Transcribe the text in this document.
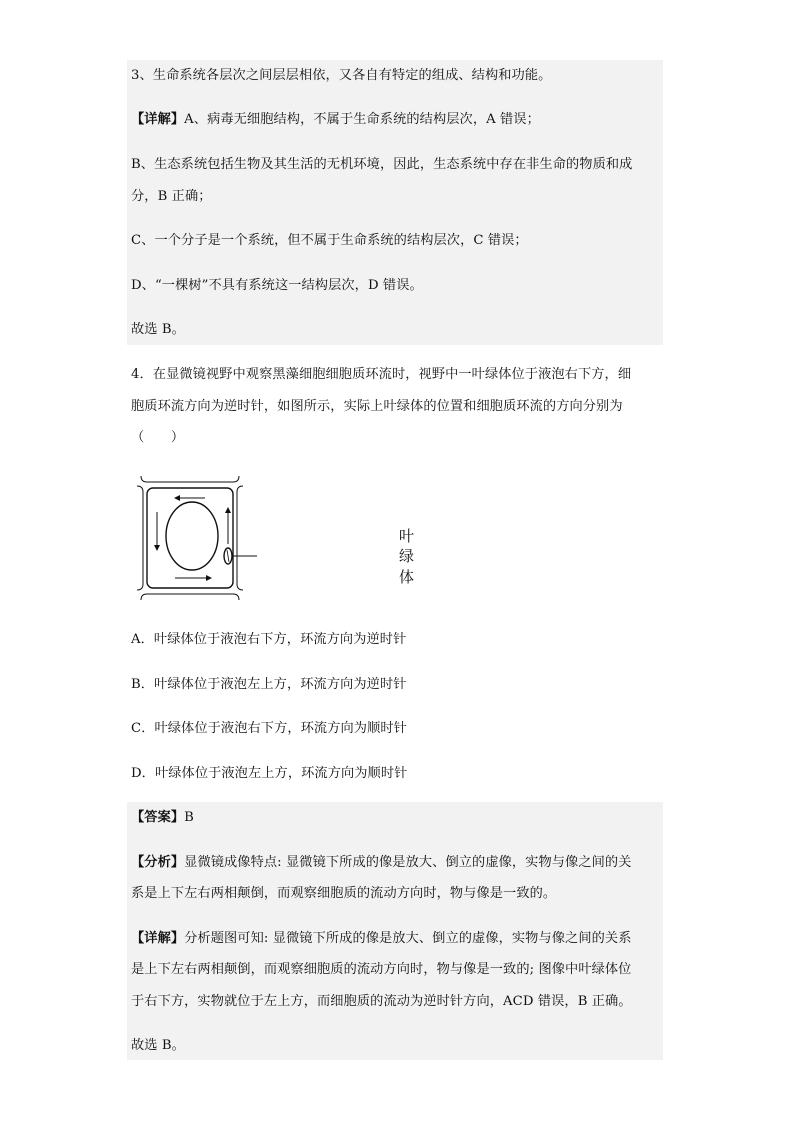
3、生命系统各层次之间层层相依，又各自有特定的组成、结构和功能。
【详解】A、病毒无细胞结构，不属于生命系统的结构层次，A 错误；
B、生态系统包括生物及其生活的无机环境，因此，生态系统中存在非生命的物质和成
分，B 正确；
C、一个分子是一个系统，但不属于生命系统的结构层次，C 错误；
D、“一棵树”不具有系统这一结构层次，D 错误。
故选 B。
4．在显微镜视野中观察黑藻细胞细胞质环流时，视野中一叶绿体位于液泡右下方，细
胞质环流方向为逆时针，如图所示，实际上叶绿体的位置和细胞质环流的方向分别为
（　　）
叶
绿
体
A．叶绿体位于液泡右下方，环流方向为逆时针
B．叶绿体位于液泡左上方，环流方向为逆时针
C．叶绿体位于液泡右下方，环流方向为顺时针
D．叶绿体位于液泡左上方，环流方向为顺时针
【答案】B
【分析】显微镜成像特点: 显微镜下所成的像是放大、倒立的虚像，实物与像之间的关
系是上下左右两相颠倒，而观察细胞质的流动方向时，物与像是一致的。
【详解】分析题图可知: 显微镜下所成的像是放大、倒立的虚像，实物与像之间的关系
是上下左右两相颠倒，而观察细胞质的流动方向时，物与像是一致的; 图像中叶绿体位
于右下方，实物就位于左上方，而细胞质的流动为逆时针方向，ACD 错误，B 正确。
故选 B。
